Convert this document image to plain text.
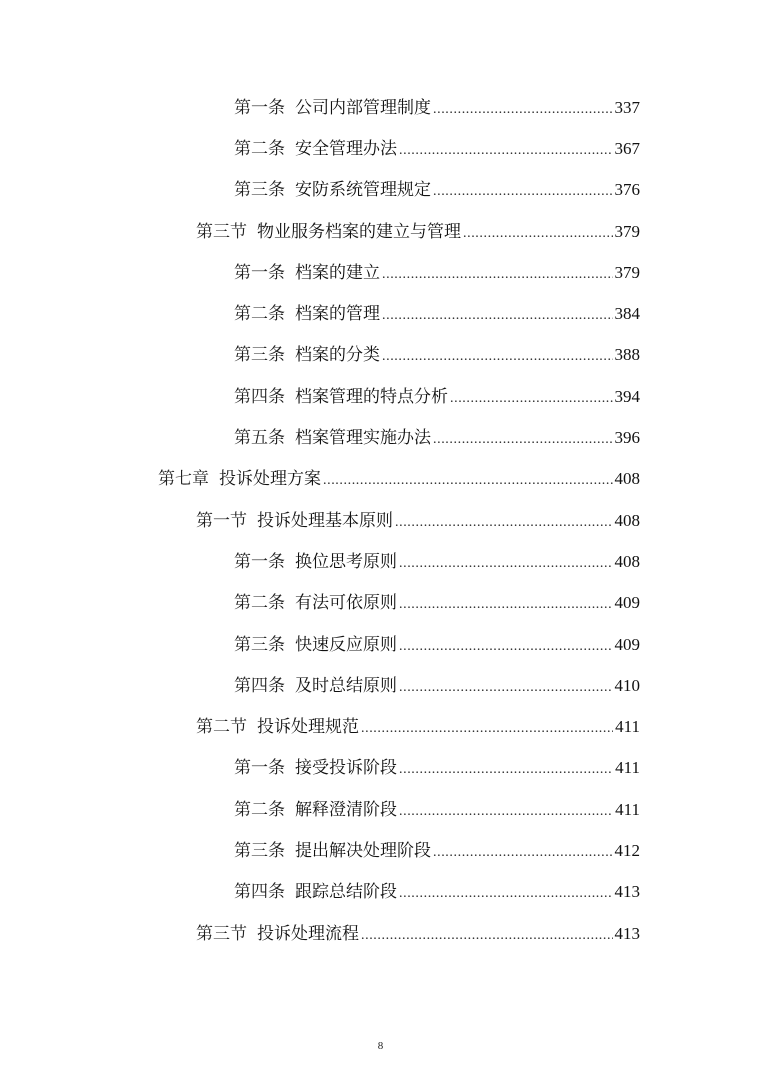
第一条 公司内部管理制度 .....	337
第二条 安全管理办法 .....	367
第三条 安防系统管理规定 .....	376
第三节 物业服务档案的建立与管理 .....	379
第一条 档案的建立 .....	379
第二条 档案的管理 .....	384
第三条 档案的分类 .....	388
第四条 档案管理的特点分析 .....	394
第五条 档案管理实施办法 .....	396
第七章 投诉处理方案 .....	408
第一节 投诉处理基本原则 .....	408
第一条 换位思考原则 .....	408
第二条 有法可依原则 .....	409
第三条 快速反应原则 .....	409
第四条 及时总结原则 .....	410
第二节 投诉处理规范 .....	411
第一条 接受投诉阶段 .....	411
第二条 解释澄清阶段 .....	411
第三条 提出解决处理阶段 .....	412
第四条 跟踪总结阶段 .....	413
第三节 投诉处理流程 .....	413
8
